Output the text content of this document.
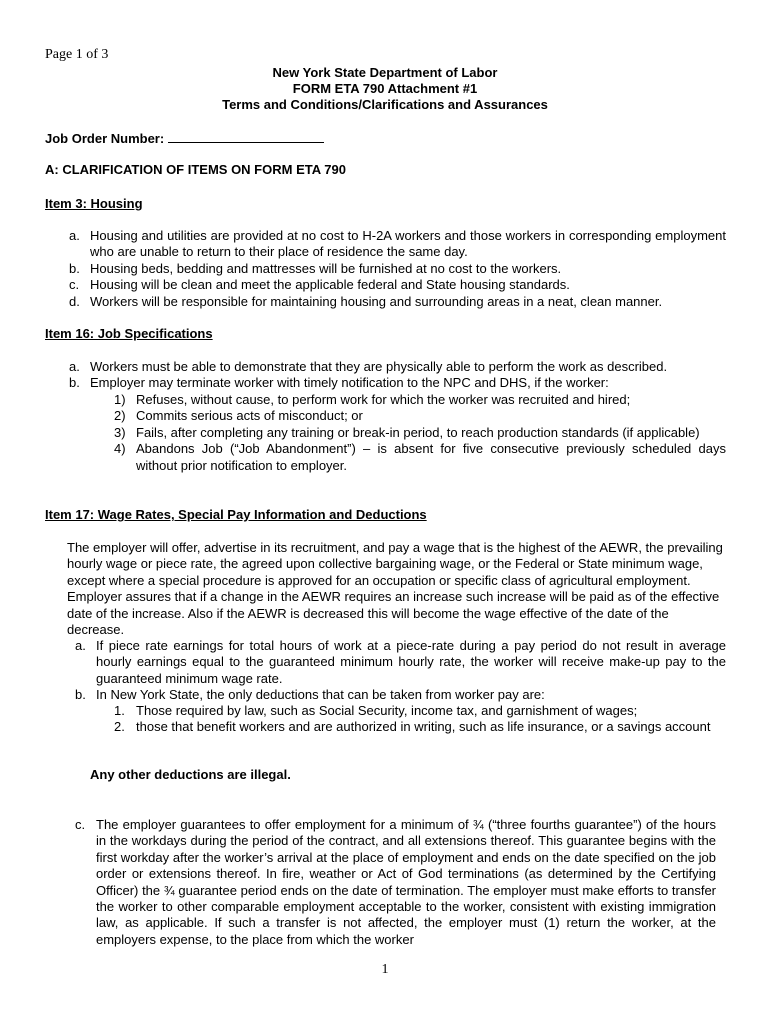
Page 1 of 3
New York State Department of Labor
FORM ETA 790 Attachment #1
Terms and Conditions/Clarifications and Assurances
Job Order Number:
A: CLARIFICATION OF ITEMS ON FORM ETA 790
Item 3: Housing
a. Housing and utilities are provided at no cost to H-2A workers and those workers in corresponding employment who are unable to return to their place of residence the same day.
b. Housing beds, bedding and mattresses will be furnished at no cost to the workers.
c. Housing will be clean and meet the applicable federal and State housing standards.
d. Workers will be responsible for maintaining housing and surrounding areas in a neat, clean manner.
Item 16: Job Specifications
a. Workers must be able to demonstrate that they are physically able to perform the work as described.
b. Employer may terminate worker with timely notification to the NPC and DHS, if the worker:
1) Refuses, without cause, to perform work for which the worker was recruited and hired;
2) Commits serious acts of misconduct; or
3) Fails, after completing any training or break-in period, to reach production standards (if applicable)
4) Abandons Job (“Job Abandonment”) – is absent for five consecutive previously scheduled days without prior notification to employer.
Item 17: Wage Rates, Special Pay Information and Deductions

The employer will offer, advertise in its recruitment, and pay a wage that is the highest of the AEWR, the prevailing hourly wage or piece rate, the agreed upon collective bargaining wage, or the Federal or State minimum wage, except where a special procedure is approved for an occupation or specific class of agricultural employment. Employer assures that if a change in the AEWR requires an increase such increase will be paid as of the effective date of the increase. Also if the AEWR is decreased this will become the wage effective of the date of the decrease.

a. If piece rate earnings for total hours of work at a piece-rate during a pay period do not result in average hourly earnings equal to the guaranteed minimum hourly rate, the worker will receive make-up pay to the guaranteed minimum wage rate.
b. In New York State, the only deductions that can be taken from worker pay are:
1. Those required by law, such as Social Security, income tax, and garnishment of wages;
2. those that benefit workers and are authorized in writing, such as life insurance, or a savings account
Any other deductions are illegal.
c. The employer guarantees to offer employment for a minimum of ¾ (“three fourths guarantee”) of the hours in the workdays during the period of the contract, and all extensions thereof. This guarantee begins with the first workday after the worker’s arrival at the place of employment and ends on the date specified on the job order or extensions thereof. In fire, weather or Act of God terminations (as determined by the Certifying Officer) the ¾ guarantee period ends on the date of termination. The employer must make efforts to transfer the worker to other comparable employment acceptable to the worker, consistent with existing immigration law, as applicable. If such a transfer is not affected, the employer must (1) return the worker, at the employers expense, to the place from which the worker
1
